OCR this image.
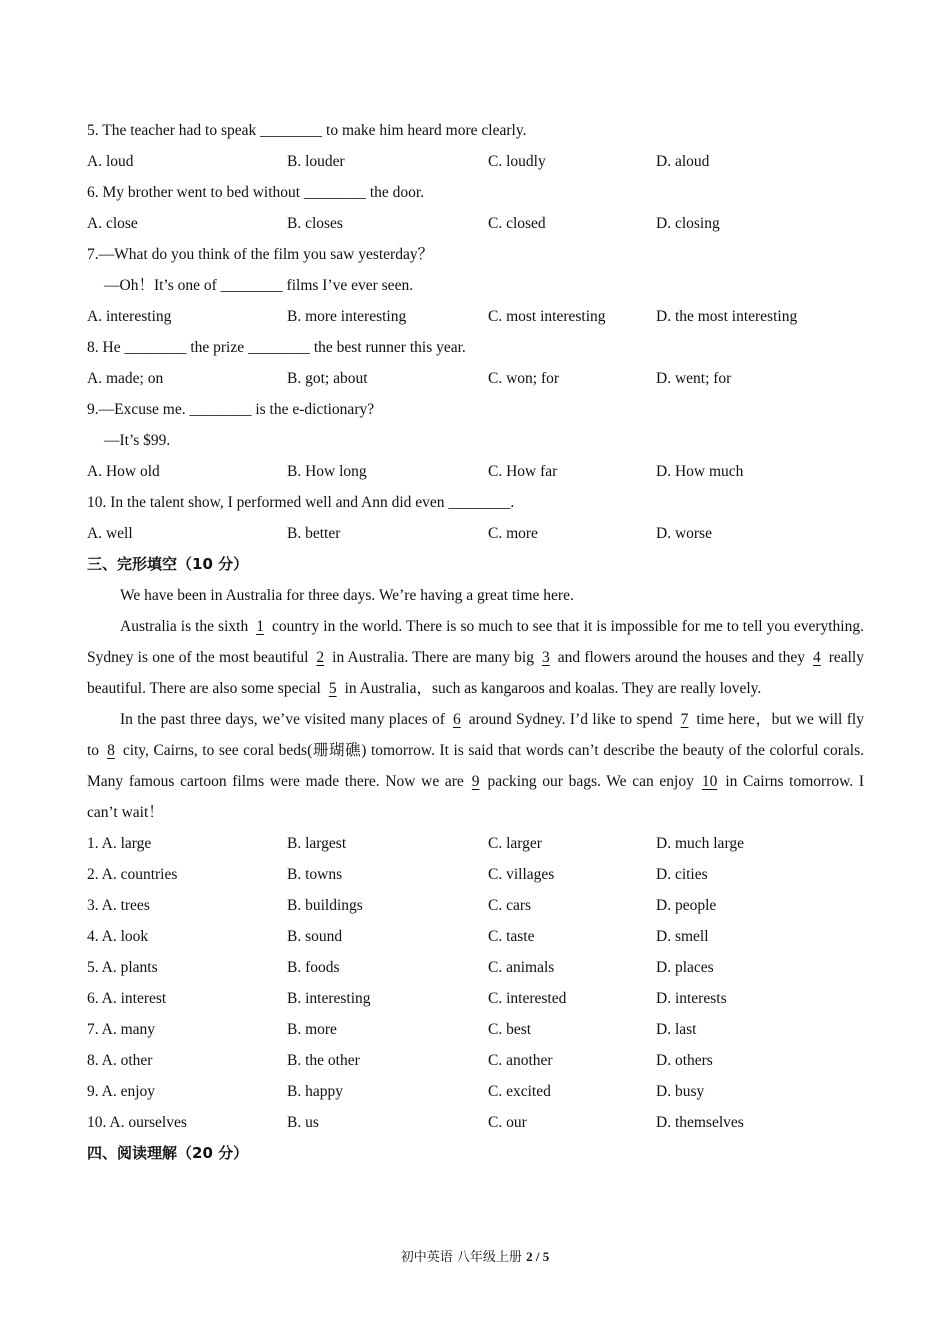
5. The teacher had to speak ________ to make him heard more clearly.
A. loud	B. louder	C. loudly	D. aloud
6. My brother went to bed without ________ the door.
A. close	B. closes	C. closed	D. closing
7.—What do you think of the film you saw yesterday？
—Oh！It’s one of ________ films I’ve ever seen.
A. interesting	B. more interesting	C. most interesting	D. the most interesting
8. He ________ the prize ________ the best runner this year.
A. made; on	B. got; about	C. won; for	D. went; for
9.—Excuse me. ________ is the e-dictionary?
—It’s $99.
A. How old	B. How long	C. How far	D. How much
10. In the talent show, I performed well and Ann did even ________.
A. well	B. better	C. more	D. worse
三、完形填空（10 分）
We have been in Australia for three days. We’re having a great time here.
Australia is the sixth 1 country in the world. There is so much to see that it is impossible for me to tell you everything. Sydney is one of the most beautiful 2 in Australia. There are many big 3 and flowers around the houses and they 4 really beautiful. There are also some special 5 in Australia，such as kangaroos and koalas. They are really lovely.
In the past three days, we’ve visited many places of 6 around Sydney. I’d like to spend 7 time here，but we will fly to 8 city, Cairns, to see coral beds(珊瑚礁) tomorrow. It is said that words can’t describe the beauty of the colorful corals. Many famous cartoon films were made there. Now we are 9 packing our bags. We can enjoy 10 in Cairns tomorrow. I can’t wait！
1. A. large	B. largest	C. larger	D. much large
2. A. countries	B. towns	C. villages	D. cities
3. A. trees	B. buildings	C. cars	D. people
4. A. look	B. sound	C. taste	D. smell
5. A. plants	B. foods	C. animals	D. places
6. A. interest	B. interesting	C. interested	D. interests
7. A. many	B. more	C. best	D. last
8. A. other	B. the other	C. another	D. others
9. A. enjoy	B. happy	C. excited	D. busy
10. A. ourselves	B. us	C. our	D. themselves
四、阅读理解（20 分）
初中英语 八年级上册 2 / 5
